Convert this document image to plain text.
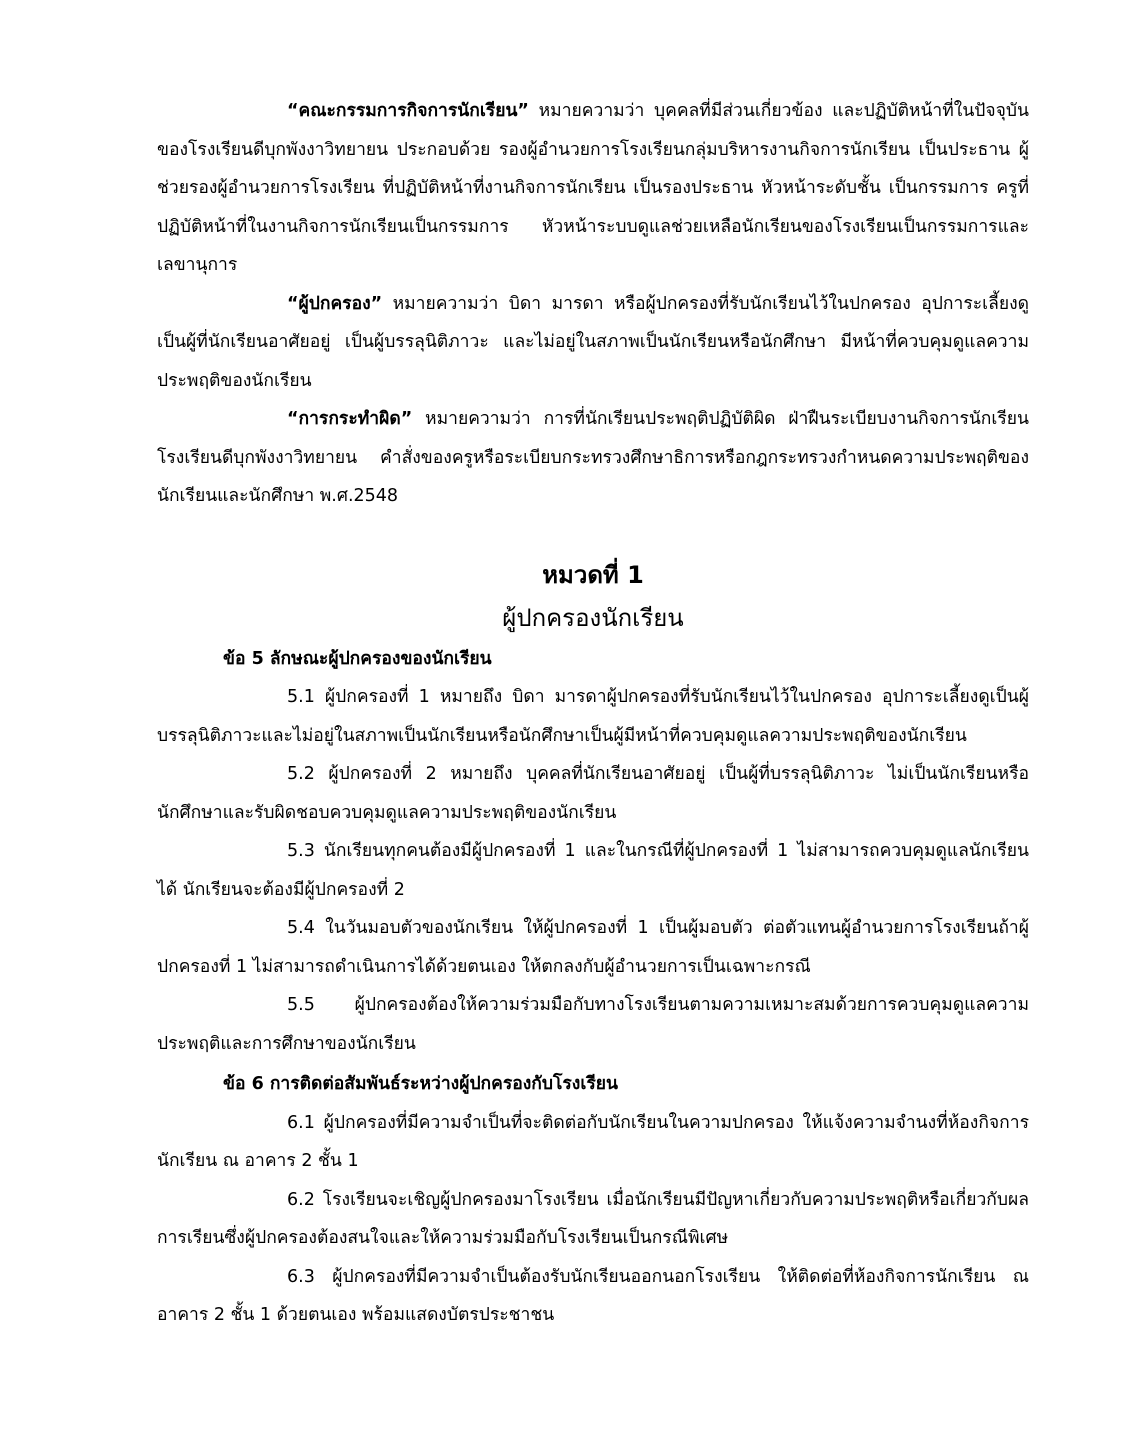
“คณะกรรมการกิจการนักเรียน” หมายความว่า บุคคลที่มีส่วนเกี่ยวข้อง และปฏิบัติหน้าที่ในปัจจุบันของโรงเรียนดีบุกพังงาวิทยายน ประกอบด้วย รองผู้อำนวยการโรงเรียนกลุ่มบริหารงานกิจการนักเรียน เป็นประธาน ผู้ช่วยรองผู้อำนวยการโรงเรียน ที่ปฏิบัติหน้าที่งานกิจการนักเรียน เป็นรองประธาน หัวหน้าระดับชั้น เป็นกรรมการ ครูที่ปฏิบัติหน้าที่ในงานกิจการนักเรียนเป็นกรรมการ หัวหน้าระบบดูแลช่วยเหลือนักเรียนของโรงเรียนเป็นกรรมการและเลขานุการ

“ผู้ปกครอง” หมายความว่า บิดา มารดา หรือผู้ปกครองที่รับนักเรียนไว้ในปกครอง อุปการะเลี้ยงดูเป็นผู้ที่นักเรียนอาศัยอยู่ เป็นผู้บรรลุนิติภาวะ และไม่อยู่ในสภาพเป็นนักเรียนหรือนักศึกษา มีหน้าที่ควบคุมดูแลความประพฤติของนักเรียน

“การกระทำผิด” หมายความว่า การที่นักเรียนประพฤติปฏิบัติผิด ฝ่าฝืนระเบียบงานกิจการนักเรียนโรงเรียนดีบุกพังงาวิทยายน คำสั่งของครูหรือระเบียบกระทรวงศึกษาธิการหรือกฎกระทรวงกำหนดความประพฤติของนักเรียนและนักศึกษา พ.ศ.2548

หมวดที่ 1
ผู้ปกครองนักเรียน
ข้อ 5 ลักษณะผู้ปกครองของนักเรียน

5.1 ผู้ปกครองที่ 1 หมายถึง บิดา มารดาผู้ปกครองที่รับนักเรียนไว้ในปกครอง อุปการะเลี้ยงดูเป็นผู้บรรลุนิติภาวะและไม่อยู่ในสภาพเป็นนักเรียนหรือนักศึกษาเป็นผู้มีหน้าที่ควบคุมดูแลความประพฤติของนักเรียน

5.2 ผู้ปกครองที่ 2 หมายถึง บุคคลที่นักเรียนอาศัยอยู่ เป็นผู้ที่บรรลุนิติภาวะ ไม่เป็นนักเรียนหรือนักศึกษาและรับผิดชอบควบคุมดูแลความประพฤติของนักเรียน

5.3 นักเรียนทุกคนต้องมีผู้ปกครองที่ 1 และในกรณีที่ผู้ปกครองที่ 1 ไม่สามารถควบคุมดูแลนักเรียนได้ นักเรียนจะต้องมีผู้ปกครองที่ 2

5.4 ในวันมอบตัวของนักเรียน ให้ผู้ปกครองที่ 1 เป็นผู้มอบตัว ต่อตัวแทนผู้อำนวยการโรงเรียนถ้าผู้ปกครองที่ 1 ไม่สามารถดำเนินการได้ด้วยตนเอง ให้ตกลงกับผู้อำนวยการเป็นเฉพาะกรณี

5.5 ผู้ปกครองต้องให้ความร่วมมือกับทางโรงเรียนตามความเหมาะสมด้วยการควบคุมดูแลความประพฤติและการศึกษาของนักเรียน

ข้อ 6 การติดต่อสัมพันธ์ระหว่างผู้ปกครองกับโรงเรียน

6.1 ผู้ปกครองที่มีความจำเป็นที่จะติดต่อกับนักเรียนในความปกครอง ให้แจ้งความจำนงที่ห้องกิจการนักเรียน ณ อาคาร 2 ชั้น 1

6.2 โรงเรียนจะเชิญผู้ปกครองมาโรงเรียน เมื่อนักเรียนมีปัญหาเกี่ยวกับความประพฤติหรือเกี่ยวกับผลการเรียนซึ่งผู้ปกครองต้องสนใจและให้ความร่วมมือกับโรงเรียนเป็นกรณีพิเศษ

6.3 ผู้ปกครองที่มีความจำเป็นต้องรับนักเรียนออกนอกโรงเรียน ให้ติดต่อที่ห้องกิจการนักเรียน ณ อาคาร 2 ชั้น 1 ด้วยตนเอง พร้อมแสดงบัตรประชาชน
